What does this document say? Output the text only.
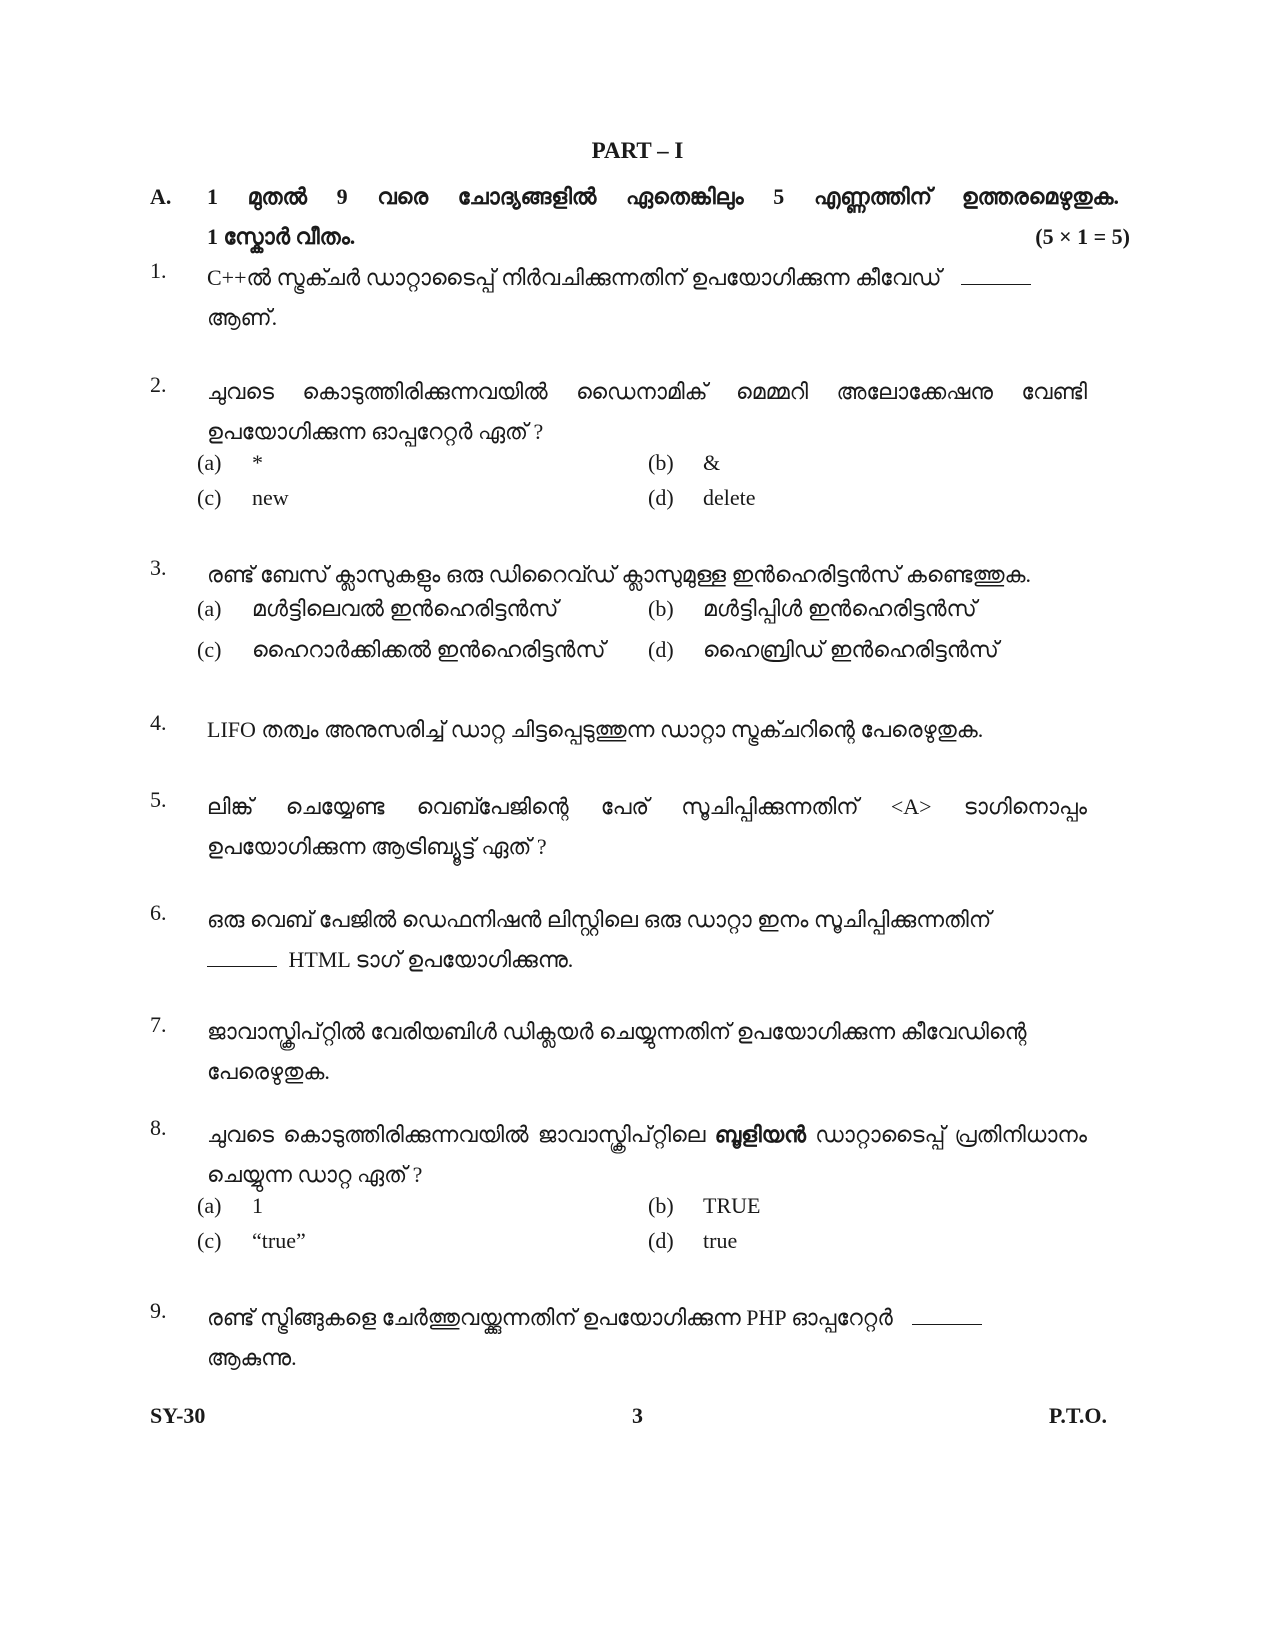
PART – I
A. 1 മുതൽ 9 വരെ ചോദ്യങ്ങളിൽ ഏതെങ്കിലും 5 എണ്ണത്തിന് ഉത്തരമെഴുതുക.
1 സ്കോർ വീതം.	(5 × 1 = 5)
1. C++ൽ സ്ട്രക്ചർ ഡാറ്റാടൈപ്പ് നിർവചിക്കുന്നതിന് ഉപയോഗിക്കുന്ന കീവേഡ്
ആണ്.
2. ചുവടെ കൊടുത്തിരിക്കുന്നവയിൽ ഡൈനാമിക് മെമ്മറി അലോക്കേഷനു വേണ്ടി ഉപയോഗിക്കുന്ന ഓപ്പറേറ്റർ ഏത് ?
(a)	*	(b)	&
(c)	new	(d)	delete
3. രണ്ട് ബേസ് ക്ലാസുകളും ഒരു ഡിറൈവ്ഡ് ക്ലാസുമുള്ള ഇൻഹെരിട്ടൻസ് കണ്ടെത്തുക.
(a)	മൾട്ടിലെവൽ ഇൻഹെരിട്ടൻസ്	(b)	മൾട്ടിപ്പിൾ ഇൻഹെരിട്ടൻസ്
(c)	ഹൈറാർക്കിക്കൽ ഇൻഹെരിട്ടൻസ് (d)	ഹൈബ്രിഡ് ഇൻഹെരിട്ടൻസ്
4. LIFO തത്വം അനുസരിച്ച് ഡാറ്റ ചിട്ടപ്പെടുത്തുന്ന ഡാറ്റാ സ്ട്രക്ചറിന്റെ പേരെഴുതുക.
5. ലിങ്ക് ചെയ്യേണ്ട വെബ്പേജിന്റെ പേര് സൂചിപ്പിക്കുന്നതിന് <A> ടാഗിനൊപ്പം ഉപയോഗിക്കുന്ന ആട്രിബ്യൂട്ട് ഏത് ?
6. ഒരു വെബ് പേജിൽ ഡെഫനിഷൻ ലിസ്റ്റിലെ ഒരു ഡാറ്റാ ഇനം സൂചിപ്പിക്കുന്നതിന്
HTML ടാഗ് ഉപയോഗിക്കുന്നു.
7. ജാവാസ്ക്രിപ്റ്റിൽ വേരിയബിൾ ഡിക്ലയർ ചെയ്യുന്നതിന് ഉപയോഗിക്കുന്ന കീവേഡിന്റെ പേരെഴുതുക.
8. ചുവടെ കൊടുത്തിരിക്കുന്നവയിൽ ജാവാസ്ക്രിപ്റ്റിലെ ബൂളിയൻ ഡാറ്റാടൈപ്പ് പ്രതിനിധാനം ചെയ്യുന്ന ഡാറ്റ ഏത് ?
(a)	1	(b)	TRUE
(c)	“true”	(d)	true
9. രണ്ട് സ്ട്രിങ്ങുകളെ ചേർത്തുവയ്ക്കുന്നതിന് ഉപയോഗിക്കുന്ന PHP ഓപ്പറേറ്റർ
ആകുന്നു.
SY-30	3	P.T.O.
